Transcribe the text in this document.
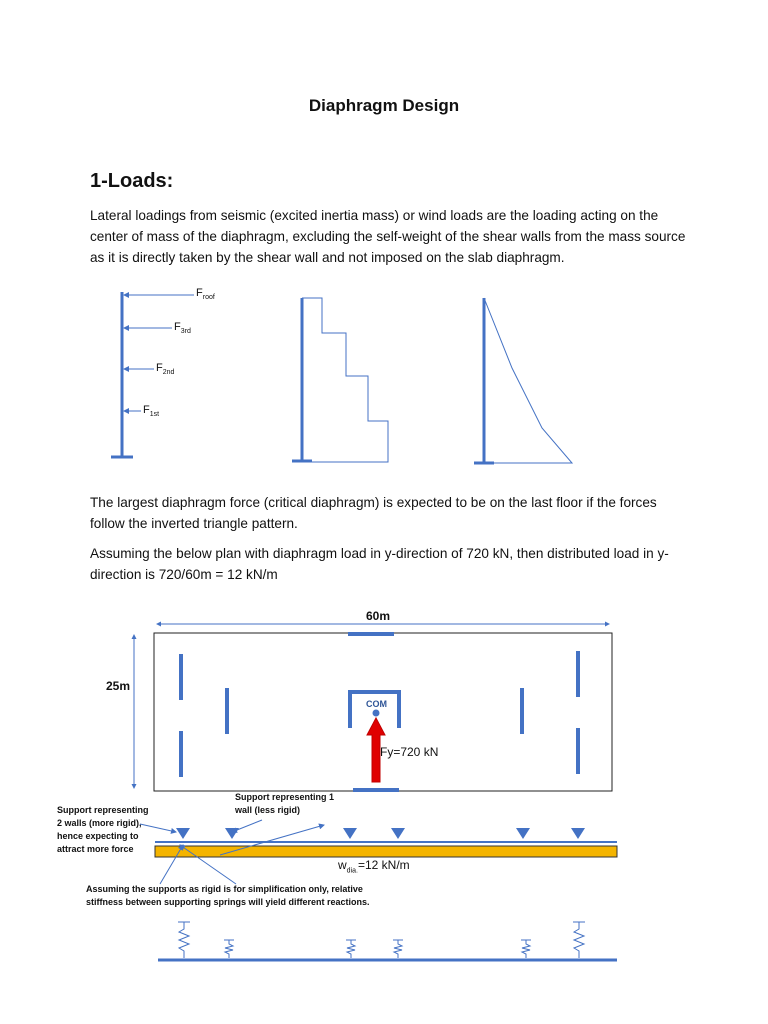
Diaphragm Design
1-Loads:
Lateral loadings from seismic (excited inertia mass) or wind loads are the loading acting on the center of mass of the diaphragm, excluding the self-weight of the shear walls from the mass source as it is directly taken by the shear wall and not imposed on the slab diaphragm.
The largest diaphragm force (critical diaphragm) is expected to be on the last floor if the forces follow the inverted triangle pattern.
Assuming the below plan with diaphragm load in y-direction of 720 kN, then distributed load in y-direction is 720/60m = 12 kN/m
$F_{roof}$
$F_{3rd}$
$F_{2nd}$
$F_{1st}$
60m
25m
COM
Fy=720 kN
Support representing 2 walls (more rigid), hence expecting to attract more force
Support representing 1 wall (less rigid)
$w_{dia.}=12$ kN/m
Assuming the supports as rigid is for simplification only, relative stiffness between supporting springs will yield different reactions.
